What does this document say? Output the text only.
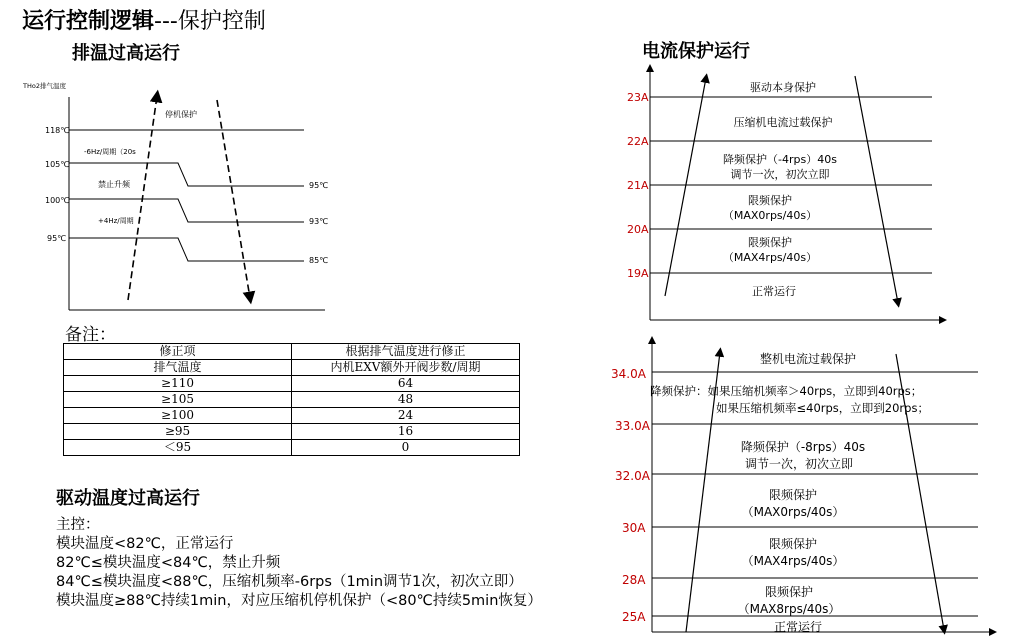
运行控制逻辑---保护控制
排温过高运行
THo2排气温度
118℃
105℃
100℃
95℃
95℃
93℃
85℃
停机保护
-6Hz/周期（20s
禁止升频
+4Hz/周期
备注：
修正项	根据排气温度进行修正
排气温度	内机EXV额外开阀步数/周期
≥110	64
≥105	48
≥100	24
≥95	16
＜95	0
驱动温度过高运行
主控：
模块温度<82℃，正常运行
82℃≤模块温度<84℃，禁止升频
84℃≤模块温度<88℃，压缩机频率-6rps（1min调节1次，初次立即）
模块温度≥88℃持续1min，对应压缩机停机保护（<80℃持续5min恢复）
电流保护运行
23A
22A
21A
20A
19A
驱动本身保护
压缩机电流过载保护
降频保护（-4rps）40s
调节一次，初次立即
限频保护
（MAX0rps/40s）
限频保护
（MAX4rps/40s）
正常运行
34.0A
33.0A
32.0A
30A
28A
25A
整机电流过载保护
降频保护：如果压缩机频率＞40rps，立即到40rps；
如果压缩机频率≤40rps，立即到20rps；
降频保护（-8rps）40s
调节一次，初次立即
限频保护
（MAX0rps/40s）
限频保护
（MAX4rps/40s）
限频保护
（MAX8rps/40s）
正常运行
